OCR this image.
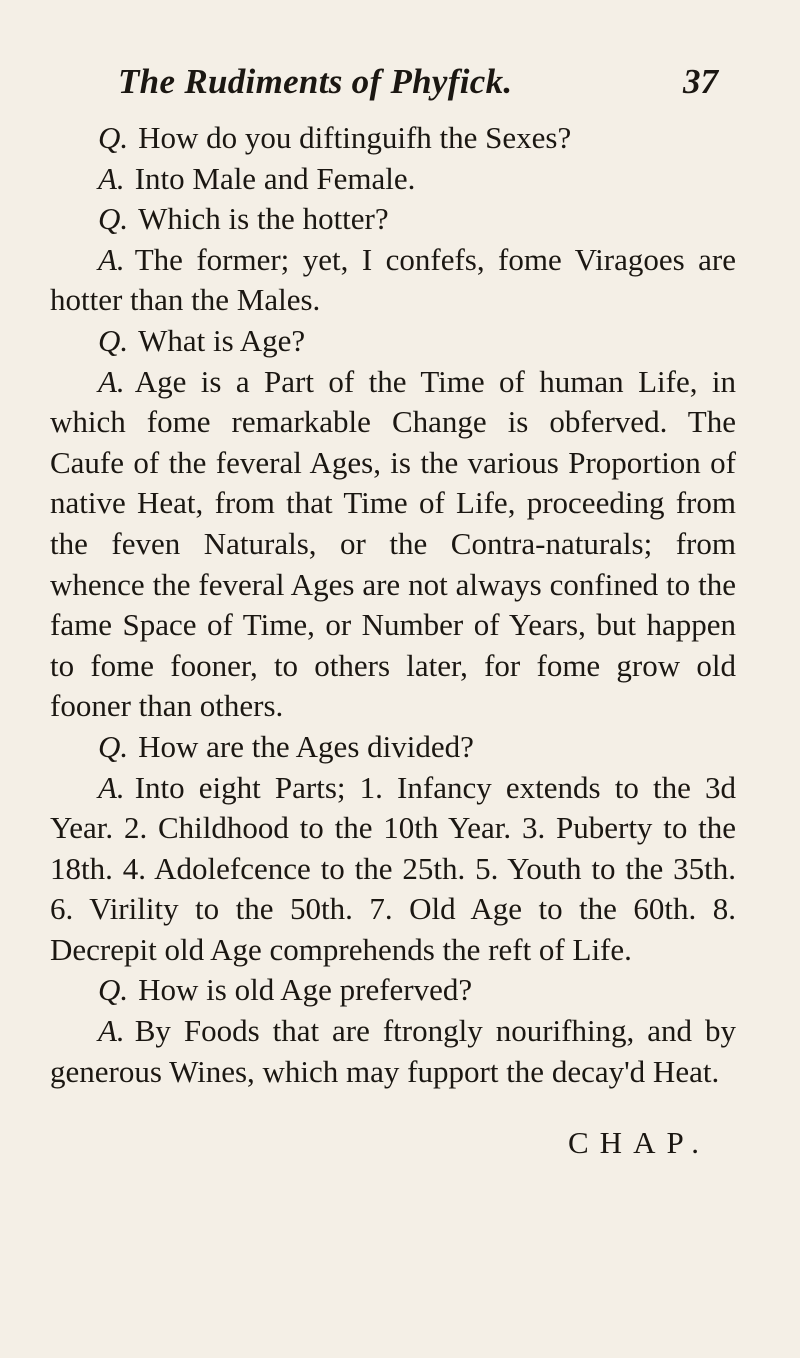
The Rudiments of Phyfick.	37

Q. How do you diftinguifh the Sexes?

A. Into Male and Female.

Q. Which is the hotter?

A. The former; yet, I confefs, fome Viragoes are hotter than the Males.

Q. What is Age?

A. Age is a Part of the Time of human Life, in which fome remarkable Change is obferved. The Caufe of the feveral Ages, is the various Proportion of native Heat, from that Time of Life, proceeding from the feven Naturals, or the Contra-naturals; from whence the feveral Ages are not always confined to the fame Space of Time, or Number of Years, but happen to fome fooner, to others later, for fome grow old fooner than others.

Q. How are the Ages divided?

A. Into eight Parts; 1. Infancy extends to the 3d Year. 2. Childhood to the 10th Year. 3. Puberty to the 18th. 4. Adolefcence to the 25th. 5. Youth to the 35th. 6. Virility to the 50th. 7. Old Age to the 60th. 8. Decrepit old Age comprehends the reft of Life.

Q. How is old Age preferved?

A. By Foods that are ftrongly nourifhing, and by generous Wines, which may fupport the decay'd Heat.

CHAP.
